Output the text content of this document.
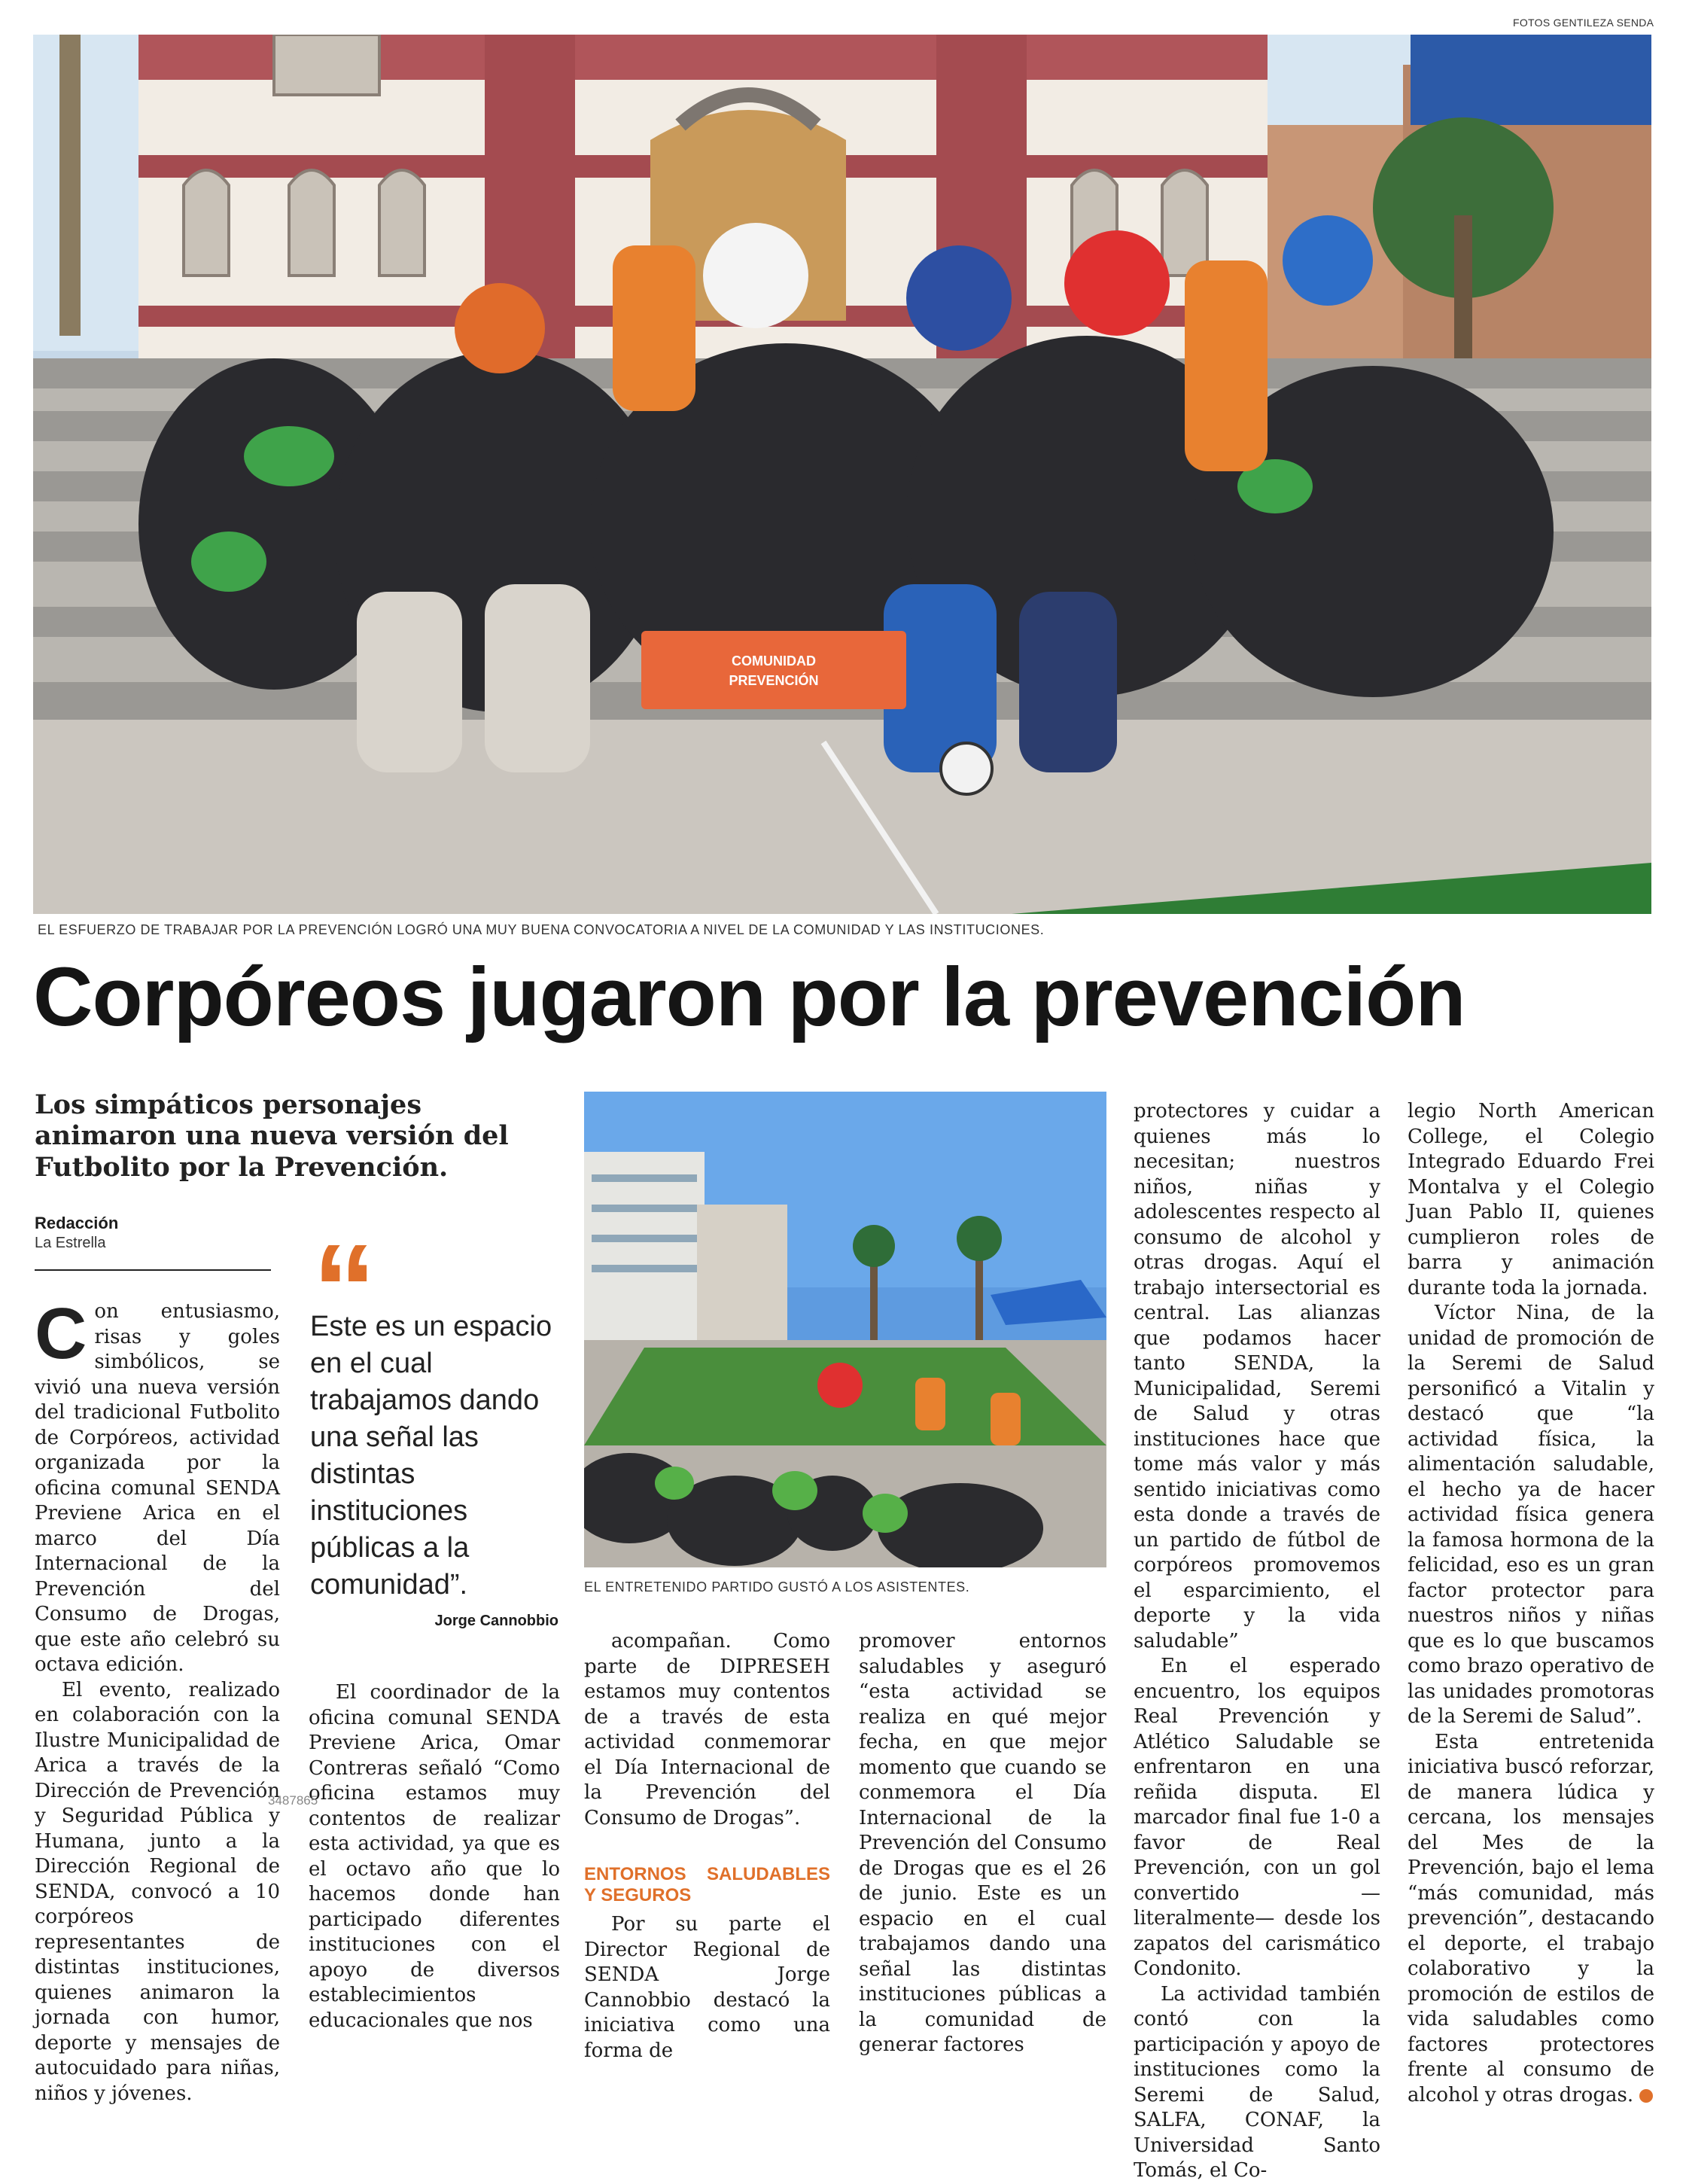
FOTOS GENTILEZA SENDA
COMUNIDAD
PREVENCIÓN
EL ESFUERZO DE TRABAJAR POR LA PREVENCIÓN LOGRÓ UNA MUY BUENA CONVOCATORIA A NIVEL DE LA COMUNIDAD Y LAS INSTITUCIONES.
Corpóreos jugaron por la prevención
Los simpáticos personajes animaron una nueva versión del Futbolito por la Prevención.
Redacción
La Estrella

Con entusiasmo, risas y goles simbólicos, se vivió una nueva versión del tradicional Futbolito de Corpóreos, actividad organizada por la oficina comunal SENDA Previene Arica en el marco del Día Internacional de la Prevención del Consumo de Drogas, que este año celebró su octava edición.

El evento, realizado en colaboración con la Ilustre Municipalidad de Arica a través de la Dirección de Prevención y Seguridad Pública y Humana, junto a la Dirección Regional de SENDA, convocó a 10 corpóreos representantes de distintas instituciones, quienes animaron la jornada con humor, deporte y mensajes de autocuidado para niñas, niños y jóvenes.

“
Este es un espacio en el cual trabajamos dando una señal las distintas instituciones públicas a la comunidad”.
Jorge Cannobbio

El coordinador de la oficina comunal SENDA Previene Arica, Omar Contreras señaló “Como oficina estamos muy contentos de realizar esta actividad, ya que es el octavo año que lo hacemos donde han participado diferentes instituciones con el apoyo de diversos establecimientos educacionales que nos

3487865
EL ENTRETENIDO PARTIDO GUSTÓ A LOS ASISTENTES.

acompañan. Como parte de DIPRESEH estamos muy contentos de a través de esta actividad conmemorar el Día Internacional de la Prevención del Consumo de Drogas”.

ENTORNOS SALUDABLES Y SEGUROS

Por su parte el Director Regional de SENDA Jorge Cannobbio destacó la iniciativa como una forma de

promover entornos saludables y aseguró “esta actividad se realiza en qué mejor fecha, en que mejor momento que cuando se conmemora el Día Internacional de la Prevención del Consumo de Drogas que es el 26 de junio. Este es un espacio en el cual trabajamos dando una señal las distintas instituciones públicas a la comunidad de generar factores

protectores y cuidar a quienes más lo necesitan; nuestros niños, niñas y adolescentes respecto al consumo de alcohol y otras drogas. Aquí el trabajo intersectorial es central. Las alianzas que podamos hacer tanto SENDA, la Municipalidad, Seremi de Salud y otras instituciones hace que tome más valor y más sentido iniciativas como esta donde a través de un partido de fútbol de corpóreos promovemos el esparcimiento, el deporte y la vida saludable”

En el esperado encuentro, los equipos Real Prevención y Atlético Saludable se enfrentaron en una reñida disputa. El marcador final fue 1-0 a favor de Real Prevención, con un gol convertido —literalmente— desde los zapatos del carismático Condonito.

La actividad también contó con la participación y apoyo de instituciones como la Seremi de Salud, SALFA, CONAF, la Universidad Santo Tomás, el Co-

legio North American College, el Colegio Integrado Eduardo Frei Montalva y el Colegio Juan Pablo II, quienes cumplieron roles de barra y animación durante toda la jornada.

Víctor Nina, de la unidad de promoción de la Seremi de Salud personificó a Vitalin y destacó que “la actividad física, la alimentación saludable, el hecho ya de hacer actividad física genera la famosa hormona de la felicidad, eso es un gran factor protector para nuestros niños y niñas que es lo que buscamos como brazo operativo de las unidades promotoras de la Seremi de Salud”.

Esta entretenida iniciativa buscó reforzar, de manera lúdica y cercana, los mensajes del Mes de la Prevención, bajo el lema “más comunidad, más prevención”, destacando el deporte, el trabajo colaborativo y la promoción de estilos de vida saludables como factores protectores frente al consumo de alcohol y otras drogas.	✪
